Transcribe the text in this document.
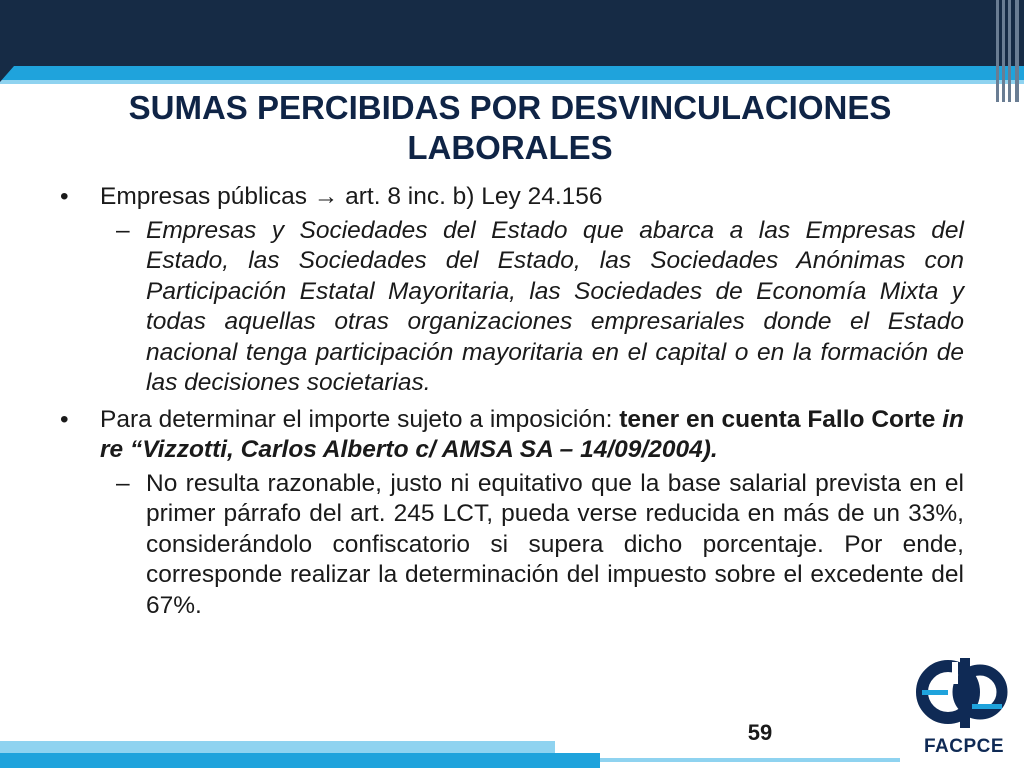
SUMAS PERCIBIDAS POR DESVINCULACIONES LABORALES
• Empresas públicas → art. 8 inc. b) Ley 24.156
– Empresas y Sociedades del Estado que abarca a las Empresas del Estado, las Sociedades del Estado, las Sociedades Anónimas con Participación Estatal Mayoritaria, las Sociedades de Economía Mixta y todas aquellas otras organizaciones empresariales donde el Estado nacional tenga participación mayoritaria en el capital o en la formación de las decisiones societarias.
• Para determinar el importe sujeto a imposición: tener en cuenta Fallo Corte in re “Vizzotti, Carlos Alberto c/ AMSA SA – 14/09/2004).
– No resulta razonable, justo ni equitativo que la base salarial prevista en el primer párrafo del art. 245 LCT, pueda verse reducida en más de un 33%, considerándolo confiscatorio si supera dicho porcentaje. Por ende, corresponde realizar la determinación del impuesto sobre el excedente del 67%.
59
FACPCE
